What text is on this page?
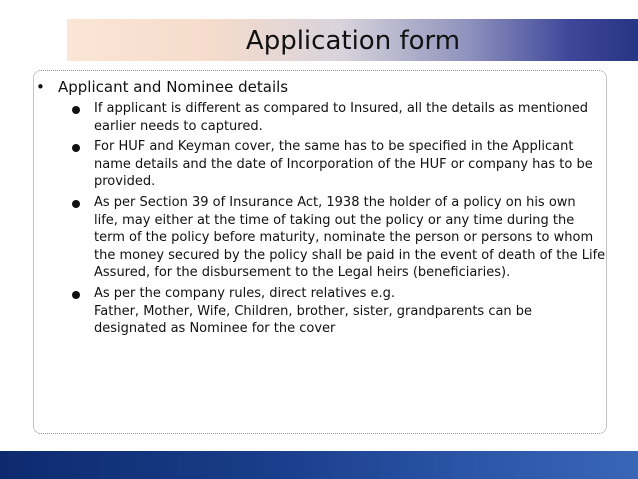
Application form
• Applicant and Nominee details
If applicant is different as compared to Insured, all the details as mentioned
earlier needs to captured.
For HUF and Keyman cover, the same has to be specified in the Applicant
name details and the date of Incorporation of the HUF or company has to be
provided.
As per Section 39 of Insurance Act, 1938 the holder of a policy on his own
life, may either at the time of taking out the policy or any time during the
term of the policy before maturity, nominate the person or persons to whom
the money secured by the policy shall be paid in the event of death of the Life
Assured, for the disbursement to the Legal heirs (beneficiaries).
As per the company rules, direct relatives e.g.
Father, Mother, Wife, Children, brother, sister, grandparents can be
designated as Nominee for the cover
